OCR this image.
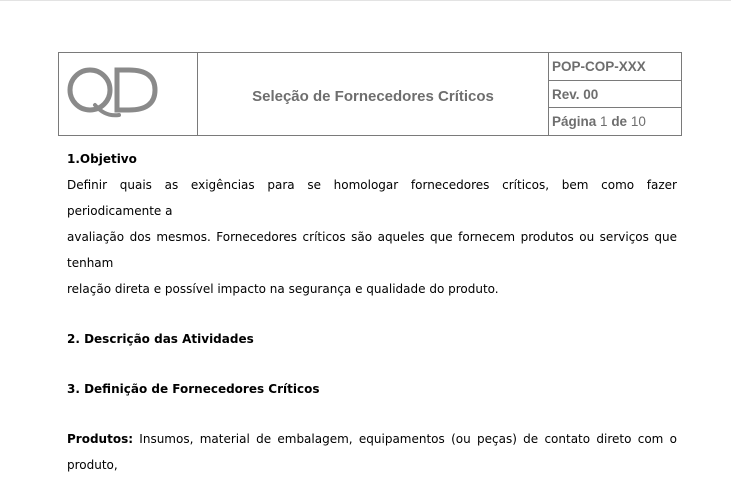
Seleção de Fornecedores Críticos
POP-COP-XXX
Rev. 00
Página
1
de
10

1.Objetivo

Definir quais as exigências para se homologar fornecedores críticos, bem como fazer periodicamente a

avaliação dos mesmos. Fornecedores críticos são aqueles que fornecem produtos ou serviços que tenham

relação direta e possível impacto na segurança e qualidade do produto.

2. Descrição das Atividades

3. Definição de Fornecedores Críticos

Produtos: Insumos, material de embalagem, equipamentos (ou peças) de contato direto com o produto,
